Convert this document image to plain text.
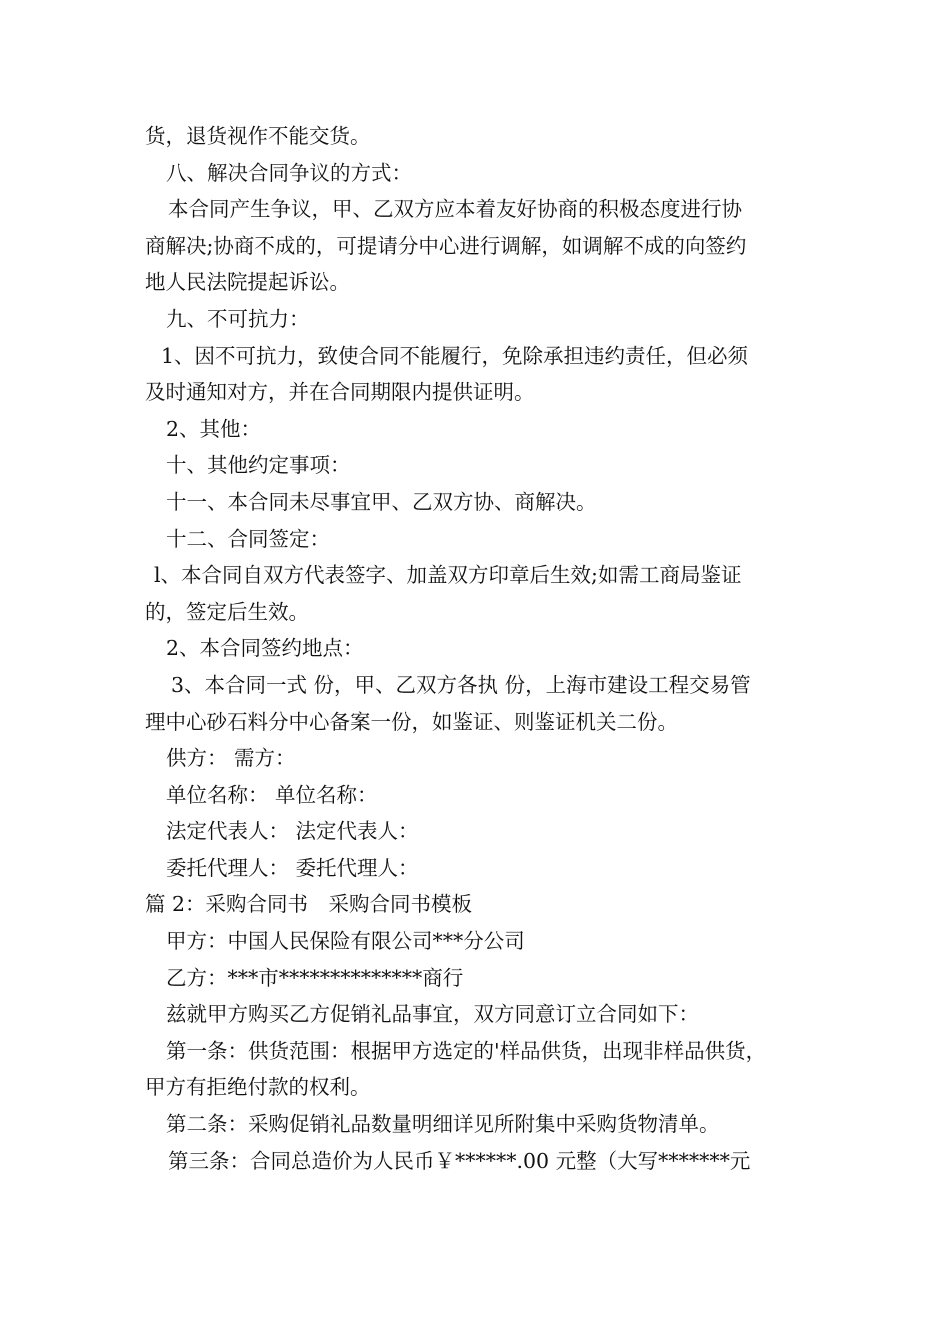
货，退货视作不能交货。
八、解决合同争议的方式：
本合同产生争议，甲、乙双方应本着友好协商的积极态度进行协
商解决;协商不成的，可提请分中心进行调解，如调解不成的向签约
地人民法院提起诉讼。
九、不可抗力：
1、因不可抗力，致使合同不能履行，免除承担违约责任，但必须
及时通知对方，并在合同期限内提供证明。
2、其他：
十、其他约定事项：
十一、本合同未尽事宜甲、乙双方协、商解决。
十二、合同签定：
l、本合同自双方代表签字、加盖双方印章后生效;如需工商局鉴证
的，签定后生效。
2、本合同签约地点：
3、本合同一式 份，甲、乙双方各执 份，上海市建设工程交易管
理中心砂石料分中心备案一份，如鉴证、则鉴证机关二份。
供方： 需方：
单位名称： 单位名称：
法定代表人： 法定代表人：
委托代理人： 委托代理人：
篇 2：采购合同书　采购合同书模板
甲方：中国人民保险有限公司***分公司
乙方：***市**************商行
兹就甲方购买乙方促销礼品事宜，双方同意订立合同如下：
第一条：供货范围：根据甲方选定的'样品供货，出现非样品供货，
甲方有拒绝付款的权利。
第二条：采购促销礼品数量明细详见所附集中采购货物清单。
第三条：合同总造价为人民币￥******.00 元整（大写*******元
